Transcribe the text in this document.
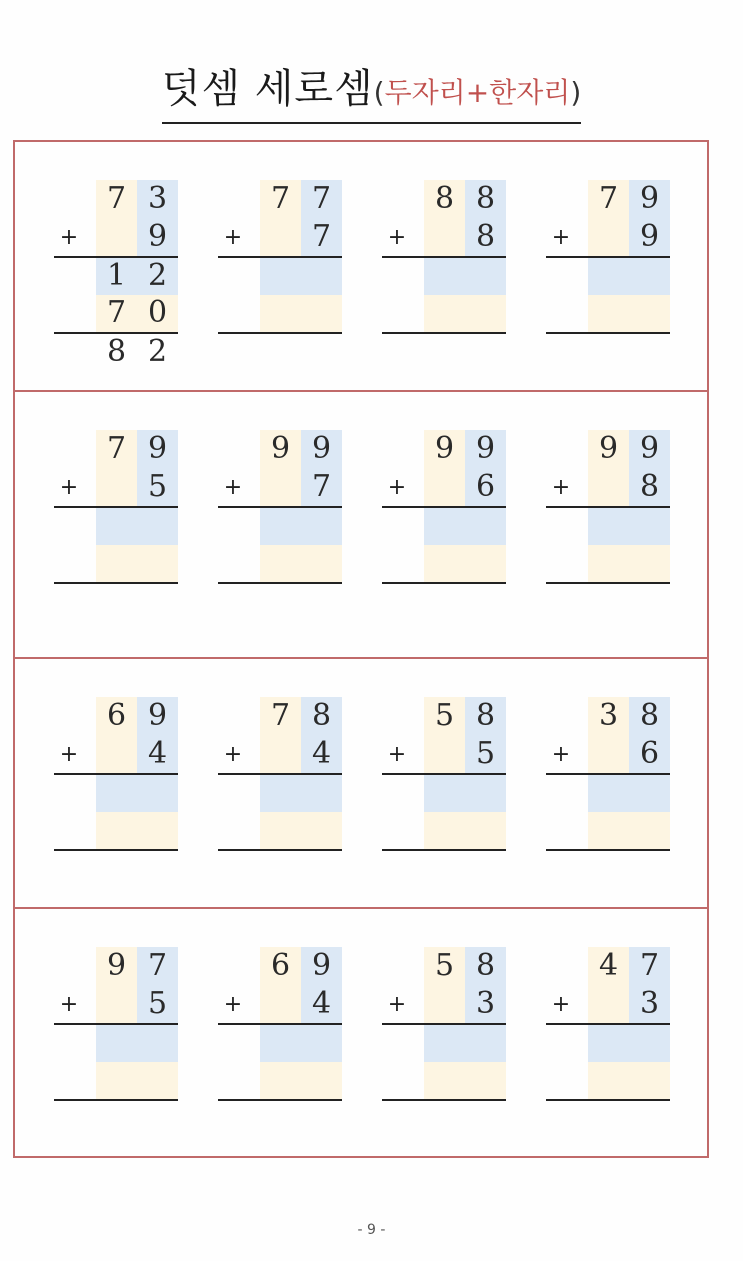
덧셈 세로셈(두자리+한자리)
7 3
9
1 2
7 0
8 2
+
7 7
7
+
8 8
8
+
7 9
9
+
7 9
5
+
9 9
7
+
9 9
6
+
9 9
8
+
6 9
4
+
7 8
4
+
5 8
5
+
3 8
6
+
9 7
5
+
6 9
4
+
5 8
3
+
4 7
3
+
- 9 -
